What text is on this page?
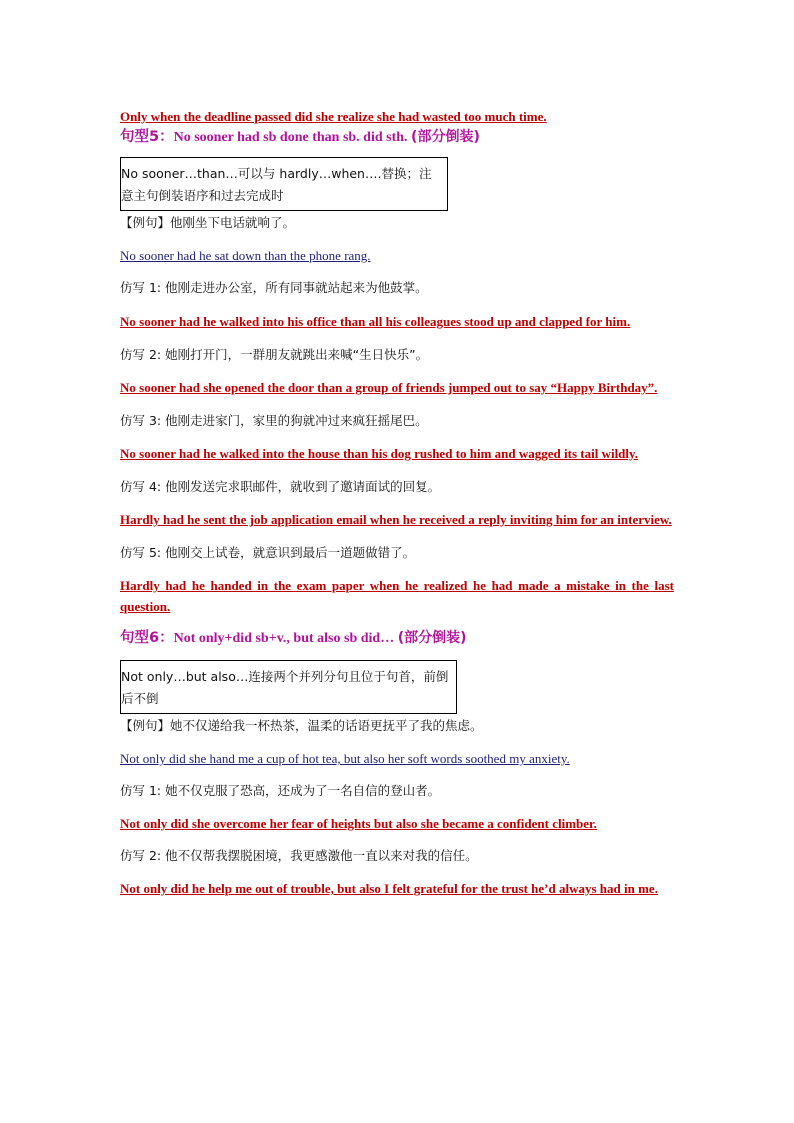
Only when the deadline passed did she realize she had wasted too much time.

句型5：No sooner had sb done than sb. did sth. (部分倒装)

No sooner…than…可以与 hardly…when….替换；注意主句倒装语序和过去完成时

【例句】他刚坐下电话就响了。

No sooner had he sat down than the phone rang.

仿写 1: 他刚走进办公室，所有同事就站起来为他鼓掌。

No sooner had he walked into his office than all his colleagues stood up and clapped for him.

仿写 2: 她刚打开门，一群朋友就跳出来喊“生日快乐”。

No sooner had she opened the door than a group of friends jumped out to say “Happy Birthday”.

仿写 3: 他刚走进家门，家里的狗就冲过来疯狂摇尾巴。

No sooner had he walked into the house than his dog rushed to him and wagged its tail wildly.

仿写 4: 他刚发送完求职邮件，就收到了邀请面试的回复。

Hardly had he sent the job application email when he received a reply inviting him for an interview.

仿写 5: 他刚交上试卷，就意识到最后一道题做错了。

Hardly had he handed in the exam paper when he realized he had made a mistake in the last question.

句型6：Not only+did sb+v., but also sb did… (部分倒装)

Not only…but also…连接两个并列分句且位于句首，前倒后不倒

【例句】她不仅递给我一杯热茶，温柔的话语更抚平了我的焦虑。

Not only did she hand me a cup of hot tea, but also her soft words soothed my anxiety.

仿写 1: 她不仅克服了恐高，还成为了一名自信的登山者。

Not only did she overcome her fear of heights but also she became a confident climber.

仿写 2: 他不仅帮我摆脱困境，我更感激他一直以来对我的信任。

Not only did he help me out of trouble, but also I felt grateful for the trust he’d always had in me.
